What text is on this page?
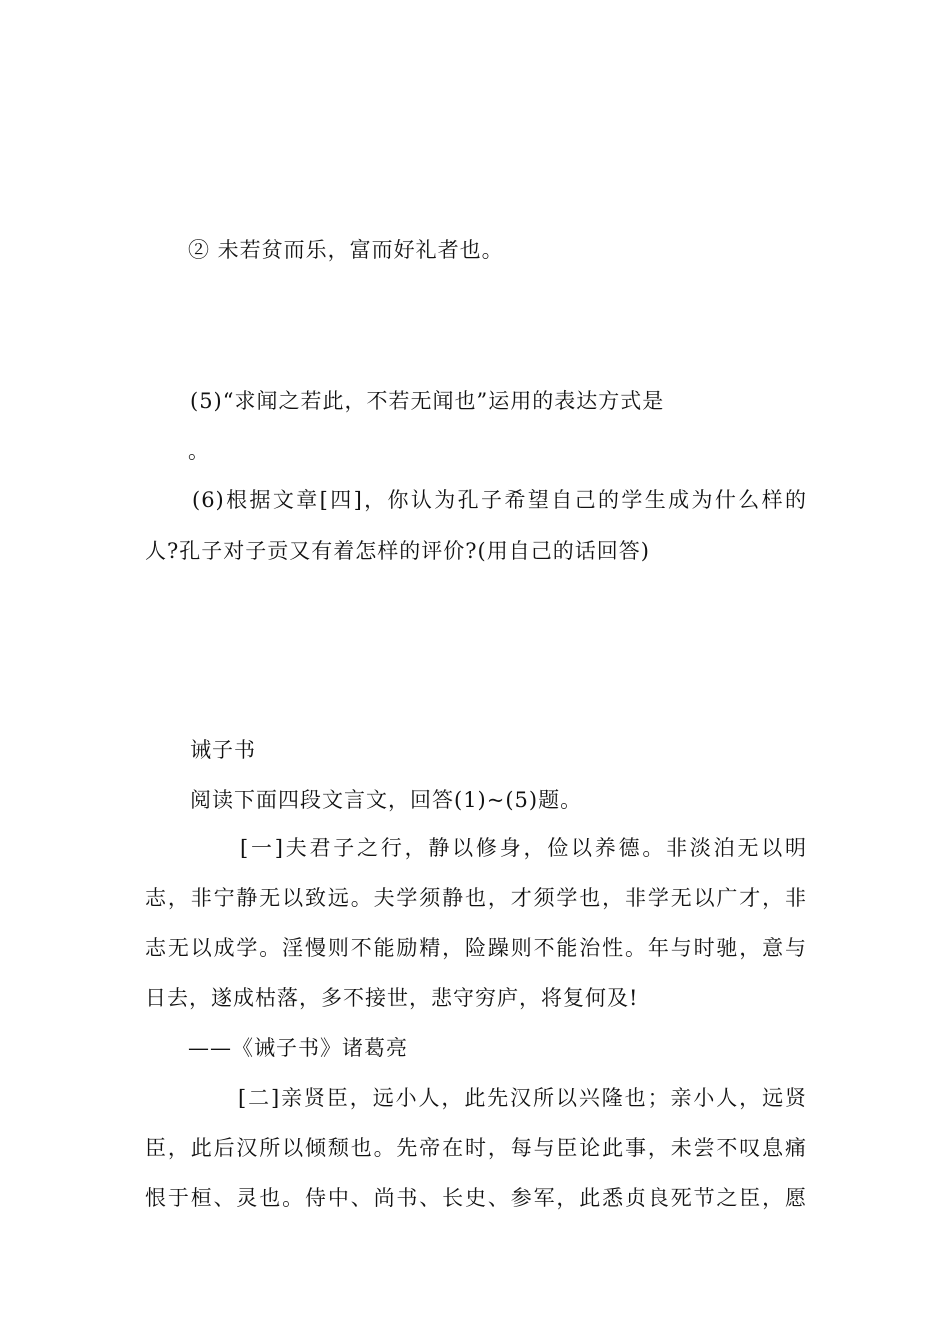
② 未若贫而乐，富而好礼者也。
(5)“求闻之若此，不若无闻也”运用的表达方式是
。
(6)根据文章[四]，你认为孔子希望自己的学生成为什么样的
人?孔子对子贡又有着怎样的评价?(用自己的话回答)
诫子书
阅读下面四段文言文，回答(1)~(5)题。
[一]夫君子之行，静以修身，俭以养德。非淡泊无以明
志，非宁静无以致远。夫学须静也，才须学也，非学无以广才，非
志无以成学。淫慢则不能励精，险躁则不能治性。年与时驰，意与
日去，遂成枯落，多不接世，悲守穷庐，将复何及!
——《诫子书》诸葛亮
[二]亲贤臣，远小人，此先汉所以兴隆也；亲小人，远贤
臣，此后汉所以倾颓也。先帝在时，每与臣论此事，未尝不叹息痛
恨于桓、灵也。侍中、尚书、长史、参军，此悉贞良死节之臣，愿
